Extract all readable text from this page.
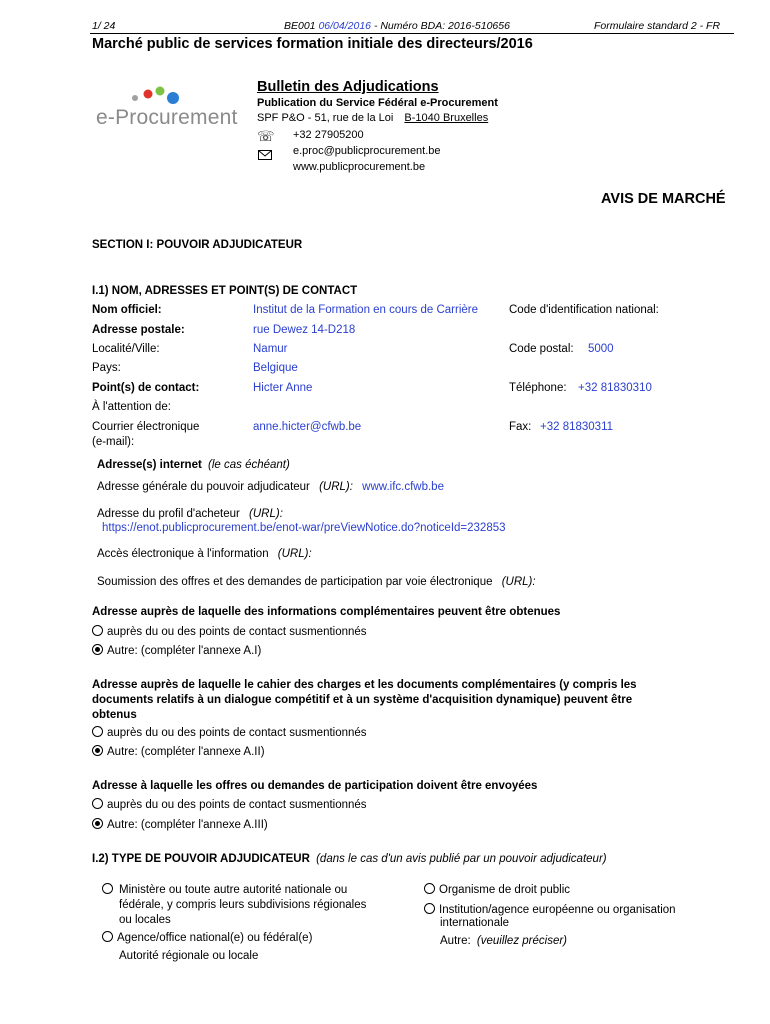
1/ 24	BE001 06/04/2016 - Numéro BDA: 2016-510656	Formulaire standard 2 - FR
Marché public de services formation initiale des directeurs/2016
e-Procurement
Bulletin des Adjudications
Publication du Service Fédéral e-Procurement
SPF P&O - 51, rue de la Loi B-1040 Bruxelles
☏ +32 27905200
e.proc@publicprocurement.be
www.publicprocurement.be
AVIS DE MARCHÉ
SECTION I: POUVOIR ADJUDICATEUR
I.1) NOM, ADRESSES ET POINT(S) DE CONTACT
Nom officiel:	Institut de la Formation en cours de Carrière	Code d'identification national:
Adresse postale:	rue Dewez 14-D218
Localité/Ville:	Namur	Code postal: 5000
Pays:	Belgique
Point(s) de contact:	Hicter Anne	Téléphone: +32 81830310
À l'attention de:
Courrier électronique
(e-mail):
anne.hicter@cfwb.be	Fax: +32 81830311
Adresse(s) internet (le cas échéant)
Adresse générale du pouvoir adjudicateur (URL): www.ifc.cfwb.be
Adresse du profil d'acheteur (URL):
https://enot.publicprocurement.be/enot-war/preViewNotice.do?noticeId=232853
Accès électronique à l'information (URL):
Soumission des offres et des demandes de participation par voie électronique (URL):
Adresse auprès de laquelle des informations complémentaires peuvent être obtenues
auprès du ou des points de contact susmentionnés
Autre: (compléter l'annexe A.I)
Adresse auprès de laquelle le cahier des charges et les documents complémentaires (y compris les
documents relatifs à un dialogue compétitif et à un système d'acquisition dynamique) peuvent être
obtenus
auprès du ou des points de contact susmentionnés
Autre: (compléter l'annexe A.II)
Adresse à laquelle les offres ou demandes de participation doivent être envoyées
auprès du ou des points de contact susmentionnés
Autre: (compléter l'annexe A.III)
I.2) TYPE DE POUVOIR ADJUDICATEUR (dans le cas d'un avis publié par un pouvoir adjudicateur)
Ministère ou toute autre autorité nationale ou
fédérale, y compris leurs subdivisions régionales
ou locales
Agence/office national(e) ou fédéral(e)
Autorité régionale ou locale
Organisme de droit public
Institution/agence européenne ou organisation
internationale
Autre: (veuillez préciser)
